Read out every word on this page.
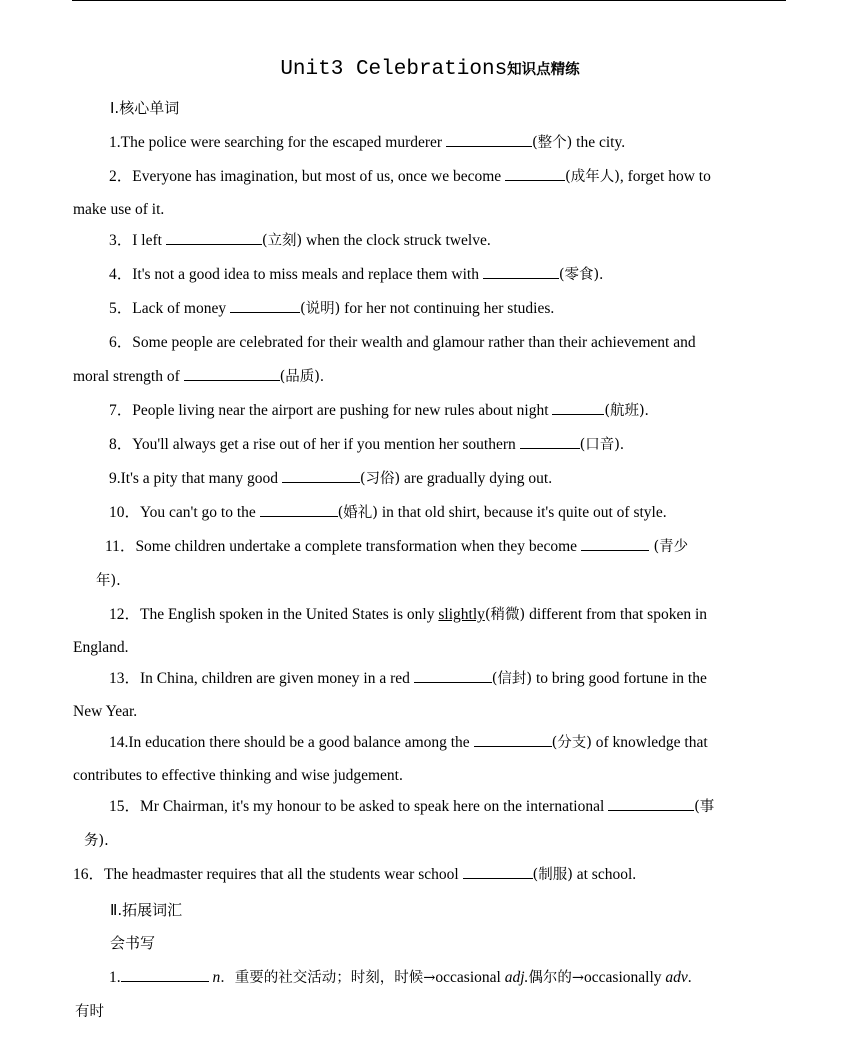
Unit3 Celebrations知识点精练
Ⅰ.核心单词
1.The police were searching for the escaped murderer	(整个) the city.
2．Everyone has imagination, but most of us, once we become	(成年人), forget how to
make use of it.
3．I left	(立刻) when the clock struck twelve.
4．It's not a good idea to miss meals and replace them with	(零食).
5．Lack of money	(说明) for her not continuing her studies.
6．Some people are celebrated for their wealth and glamour rather than their achievement and
moral strength of	(品质).
7．People living near the airport are pushing for new rules about night	(航班).
8．You'll always get a rise out of her if you mention her southern	(口音).
9.It's a pity that many good	(习俗) are gradually dying out.
10．You can't go to the	(婚礼) in that old shirt, because it's quite out of style.
11．Some children undertake a complete transformation when they become	(青少
年).
12．The English spoken in the United States is only slightly(稍微) different from that spoken in
England.
13．In China, children are given money in a red	(信封) to bring good fortune in the
New Year.
14.In education there should be a good balance among the	(分支) of knowledge that
contributes to effective thinking and wise judgement.
15．Mr Chairman, it's my honour to be asked to speak here on the international	(事
务).
16．The headmaster requires that all the students wear school	(制服) at school.
Ⅱ.拓展词汇
会书写
1.	n．重要的社交活动；时刻，时候→occasional adj.偶尔的→occasionally adv.
有时
